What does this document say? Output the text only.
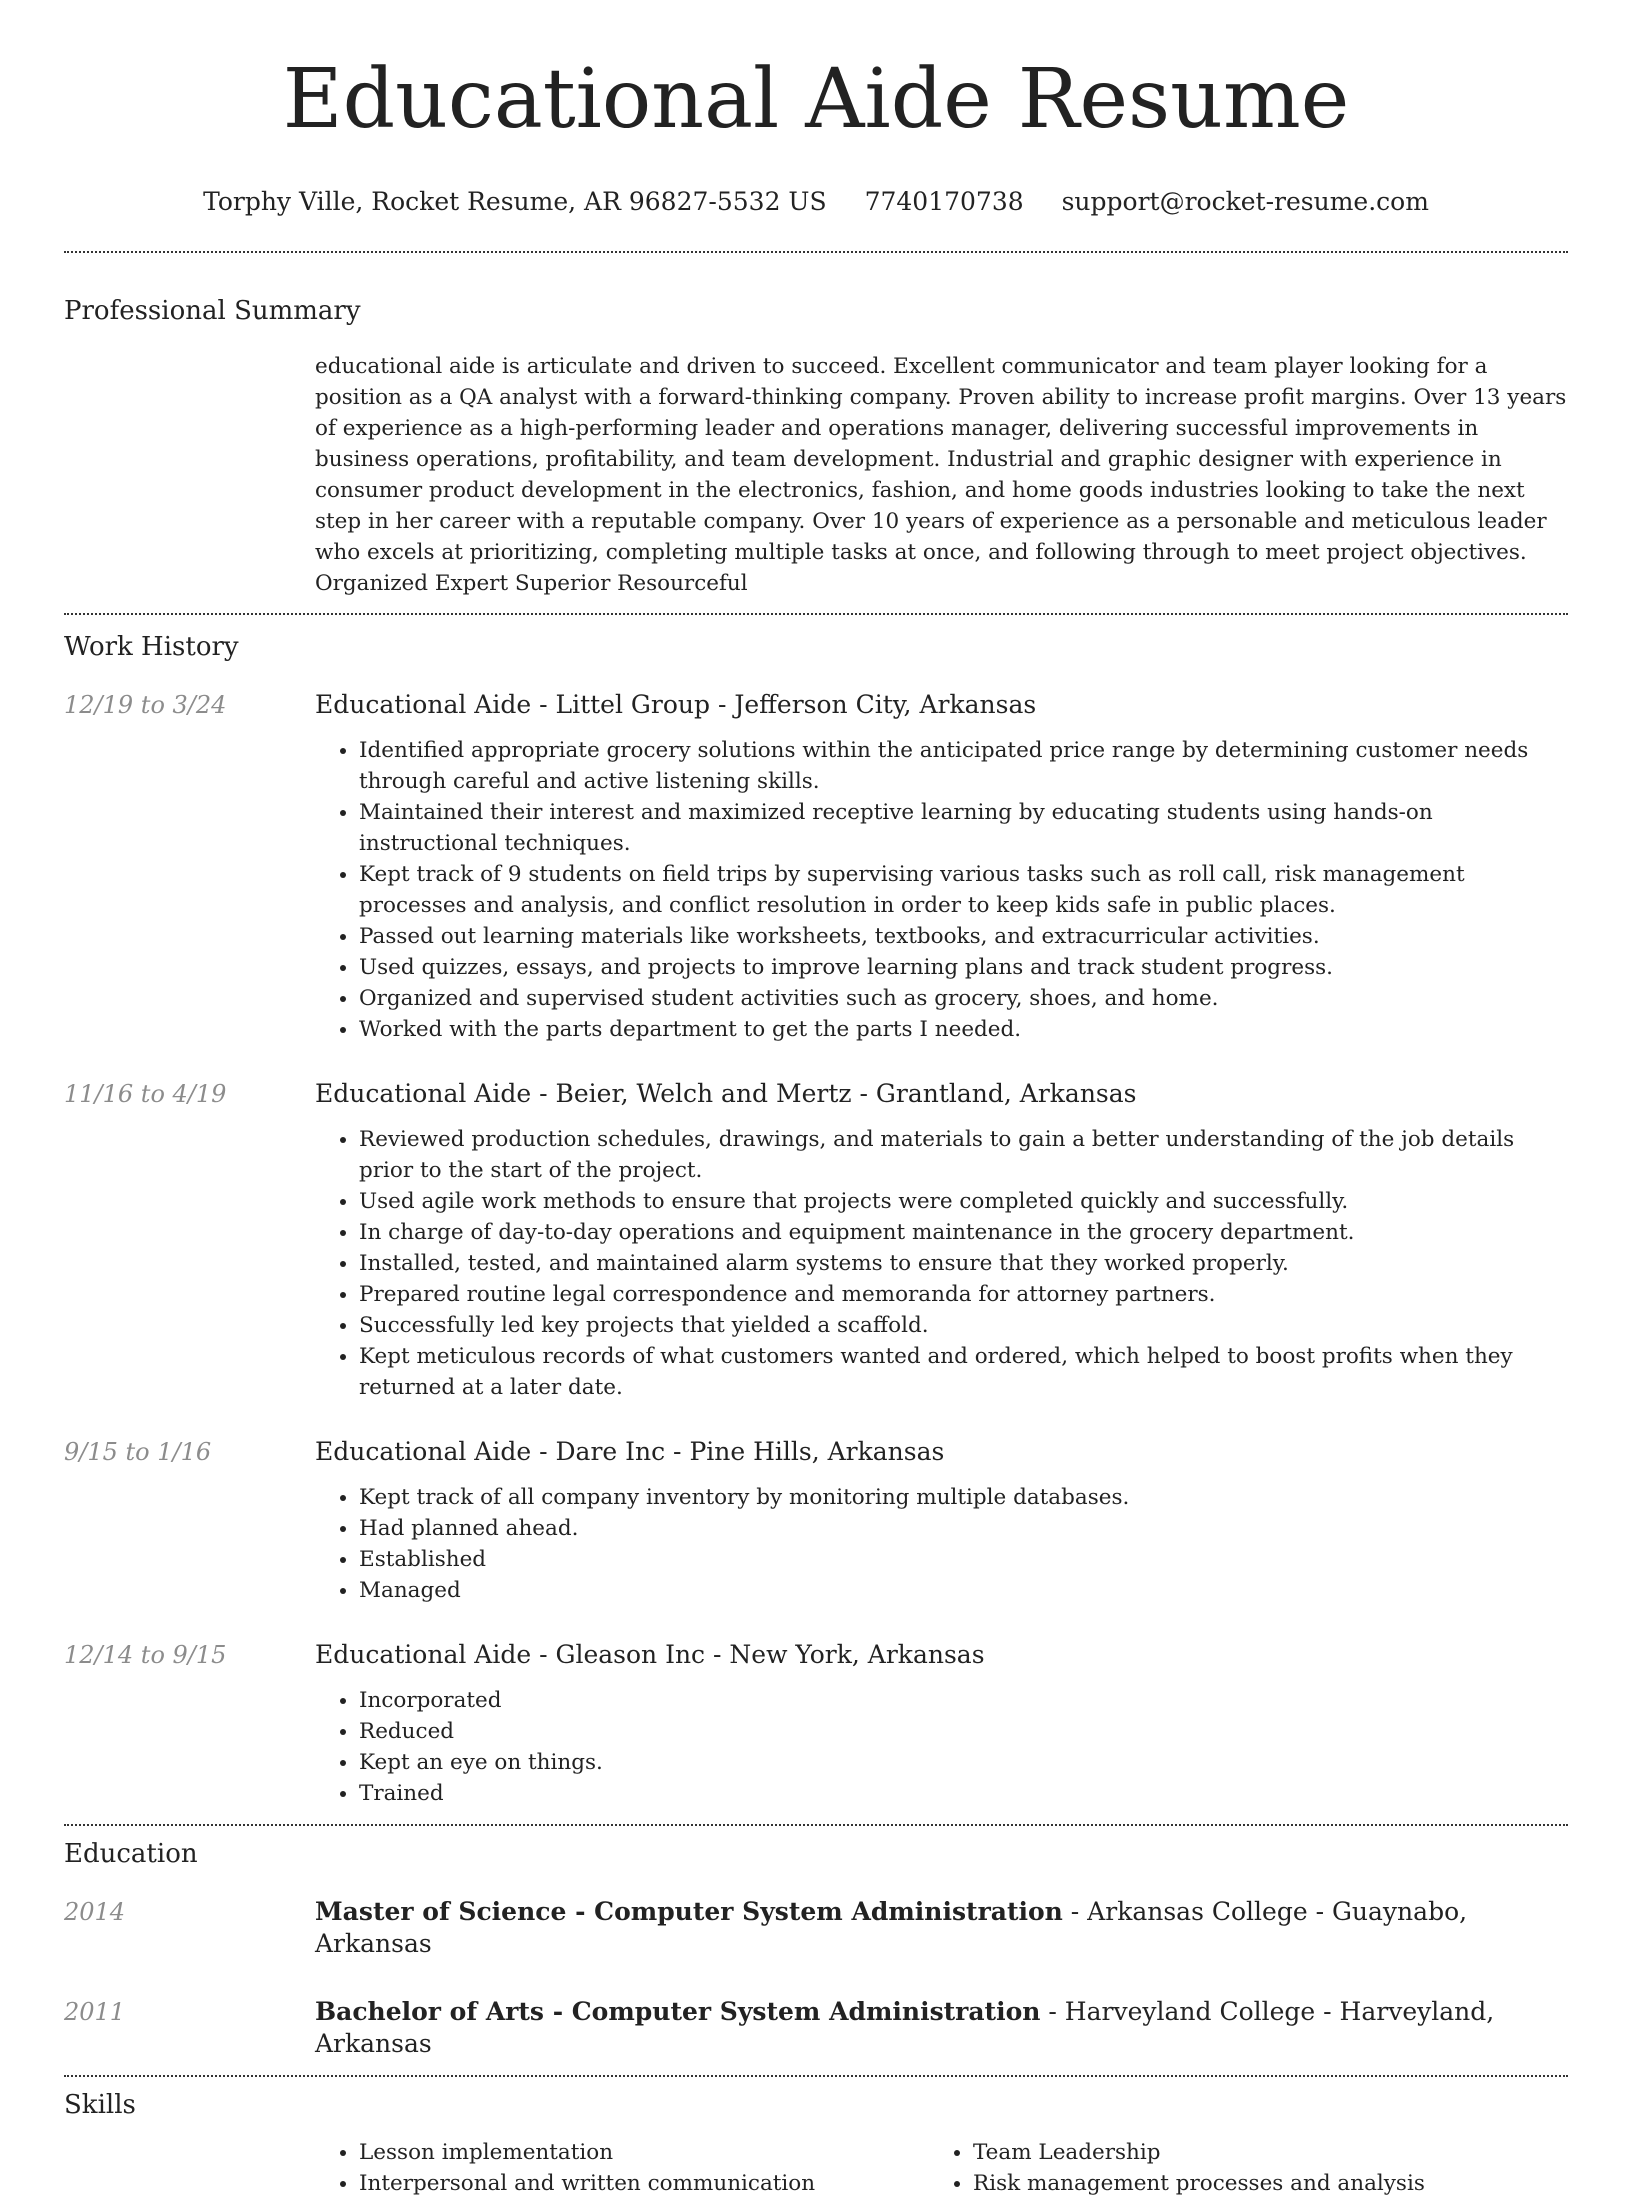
Educational Aide Resume
Torphy Ville, Rocket Resume, AR 96827-5532 US 7740170738 support@rocket-resume.com
Professional Summary
educational aide is articulate and driven to succeed. Excellent communicator and team player looking for a position as a QA analyst with a forward-thinking company. Proven ability to increase profit margins. Over 13 years of experience as a high-performing leader and operations manager, delivering successful improvements in business operations, profitability, and team development. Industrial and graphic designer with experience in consumer product development in the electronics, fashion, and home goods industries looking to take the next step in her career with a reputable company. Over 10 years of experience as a personable and meticulous leader who excels at prioritizing, completing multiple tasks at once, and following through to meet project objectives. Organized Expert Superior Resourceful
Work History
12/19 to 3/24	Educational Aide - Littel Group - Jefferson City, Arkansas
• Identified appropriate grocery solutions within the anticipated price range by determining customer needs through careful and active listening skills.
• Maintained their interest and maximized receptive learning by educating students using hands-on instructional techniques.
• Kept track of 9 students on field trips by supervising various tasks such as roll call, risk management processes and analysis, and conflict resolution in order to keep kids safe in public places.
• Passed out learning materials like worksheets, textbooks, and extracurricular activities.
• Used quizzes, essays, and projects to improve learning plans and track student progress.
• Organized and supervised student activities such as grocery, shoes, and home.
• Worked with the parts department to get the parts I needed.
11/16 to 4/19	Educational Aide - Beier, Welch and Mertz - Grantland, Arkansas
• Reviewed production schedules, drawings, and materials to gain a better understanding of the job details prior to the start of the project.
• Used agile work methods to ensure that projects were completed quickly and successfully.
• In charge of day-to-day operations and equipment maintenance in the grocery department.
• Installed, tested, and maintained alarm systems to ensure that they worked properly.
• Prepared routine legal correspondence and memoranda for attorney partners.
• Successfully led key projects that yielded a scaffold.
• Kept meticulous records of what customers wanted and ordered, which helped to boost profits when they returned at a later date.
9/15 to 1/16	Educational Aide - Dare Inc - Pine Hills, Arkansas
• Kept track of all company inventory by monitoring multiple databases.
• Had planned ahead.
• Established
• Managed
12/14 to 9/15	Educational Aide - Gleason Inc - New York, Arkansas
• Incorporated
• Reduced
• Kept an eye on things.
• Trained
Education
2014	Master of Science - Computer System Administration - Arkansas College - Guaynabo, Arkansas
2011	Bachelor of Arts - Computer System Administration - Harveyland College - Harveyland, Arkansas
Skills
• Lesson implementation
• Interpersonal and written communication
• Team Leadership
• Risk management processes and analysis
